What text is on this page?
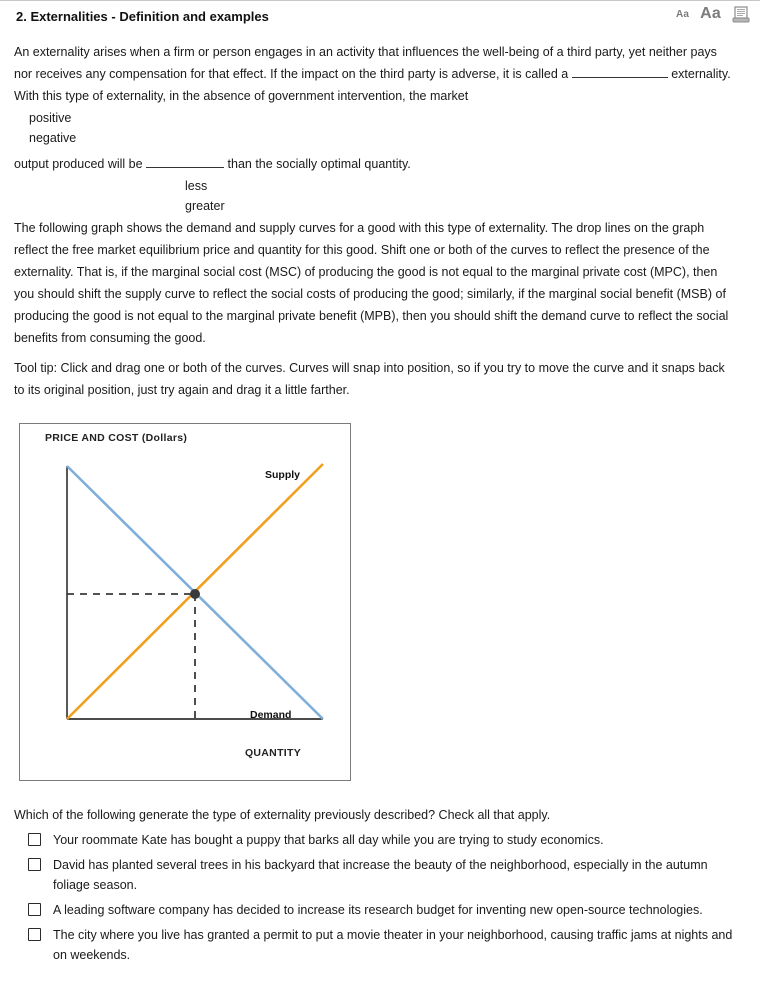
2. Externalities - Definition and examples	Aa Aa
An externality arises when a firm or person engages in an activity that influences the well-being of a third party, yet neither pays nor receives any compensation for that effect. If the impact on the third party is adverse, it is called a	externality. With this type of externality, in the absence of government intervention, the market
positive
negative
output produced will be	than the socially optimal quantity.
less
greater
The following graph shows the demand and supply curves for a good with this type of externality. The drop lines on the graph reflect the free market equilibrium price and quantity for this good. Shift one or both of the curves to reflect the presence of the externality. That is, if the marginal social cost (MSC) of producing the good is not equal to the marginal private cost (MPC), then you should shift the supply curve to reflect the social costs of producing the good; similarly, if the marginal social benefit (MSB) of producing the good is not equal to the marginal private benefit (MPB), then you should shift the demand curve to reflect the social benefits from consuming the good.
Tool tip: Click and drag one or both of the curves. Curves will snap into position, so if you try to move the curve and it snaps back to its original position, just try again and drag it a little farther.
PRICE AND COST (Dollars)
Supply
Demand
QUANTITY
Which of the following generate the type of externality previously described? Check all that apply.
Your roommate Kate has bought a puppy that barks all day while you are trying to study economics.
David has planted several trees in his backyard that increase the beauty of the neighborhood, especially in the autumn foliage season.
A leading software company has decided to increase its research budget for inventing new open-source technologies.
The city where you live has granted a permit to put a movie theater in your neighborhood, causing traffic jams at nights and on weekends.
